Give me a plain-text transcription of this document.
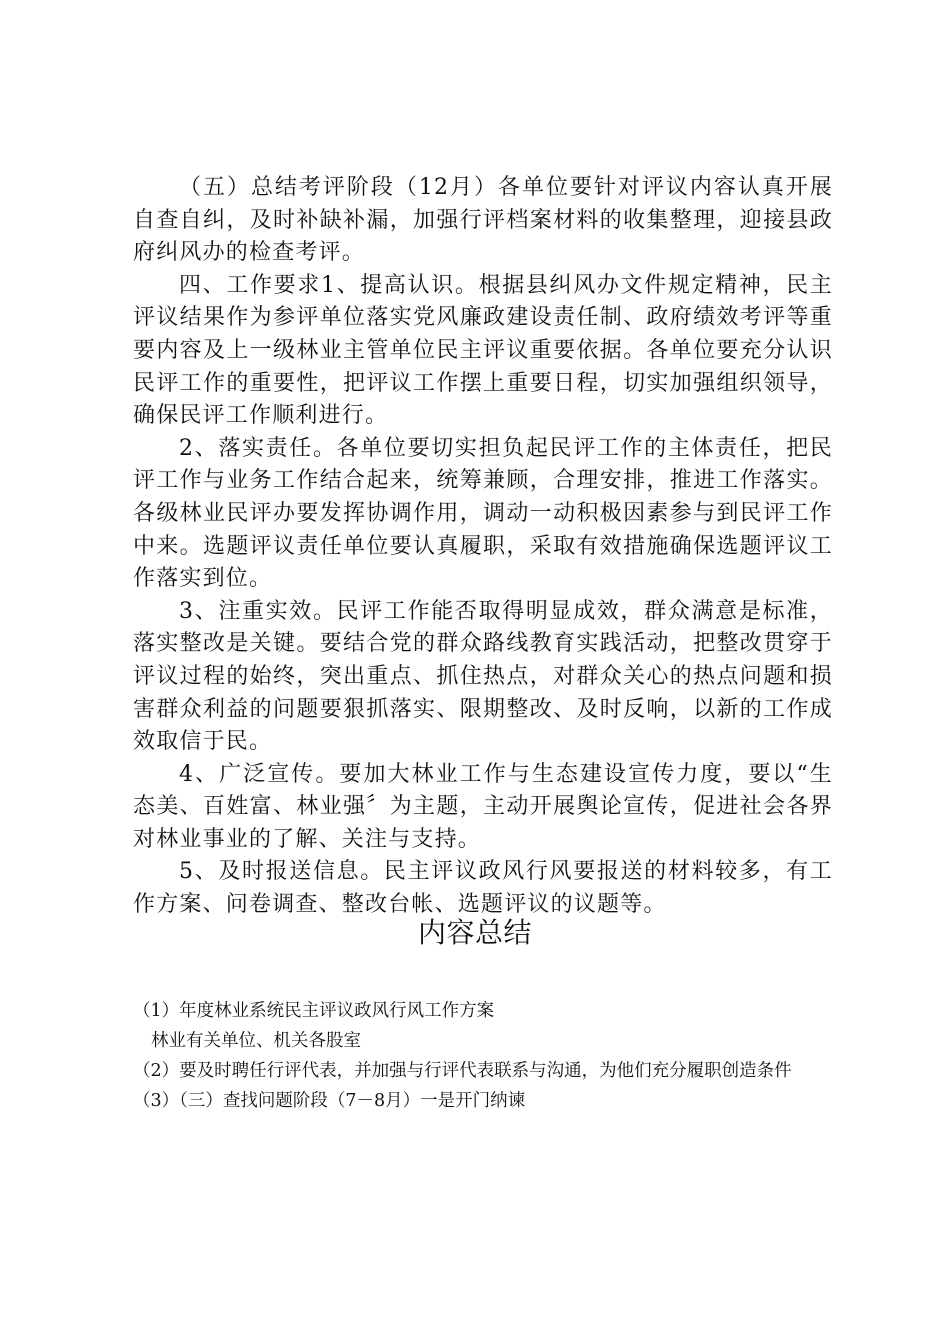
（五）总结考评阶段（12月）各单位要针对评议内容认真开展自查自纠，及时补缺补漏，加强行评档案材料的收集整理，迎接县政府纠风办的检查考评。

四、工作要求1、提高认识。根据县纠风办文件规定精神，民主评议结果作为参评单位落实党风廉政建设责任制、政府绩效考评等重要内容及上一级林业主管单位民主评议重要依据。各单位要充分认识民评工作的重要性，把评议工作摆上重要日程，切实加强组织领导，确保民评工作顺利进行。

2、落实责任。各单位要切实担负起民评工作的主体责任，把民评工作与业务工作结合起来，统筹兼顾，合理安排，推进工作落实。各级林业民评办要发挥协调作用，调动一动积极因素参与到民评工作中来。选题评议责任单位要认真履职，采取有效措施确保选题评议工作落实到位。

3、注重实效。民评工作能否取得明显成效，群众满意是标准，落实整改是关键。要结合党的群众路线教育实践活动，把整改贯穿于评议过程的始终，突出重点、抓住热点，对群众关心的热点问题和损害群众利益的问题要狠抓落实、限期整改、及时反响，以新的工作成效取信于民。

4、广泛宣传。要加大林业工作与生态建设宣传力度，要以“生态美、百姓富、林业强〞为主题，主动开展舆论宣传，促进社会各界对林业事业的了解、关注与支持。

5、及时报送信息。民主评议政风行风要报送的材料较多，有工作方案、问卷调查、整改台帐、选题评议的议题等。

内容总结

（1）年度林业系统民主评议政风行风工作方案

林业有关单位、机关各股室

（2）要及时聘任行评代表，并加强与行评代表联系与沟通，为他们充分履职创造条件

（3）（三）查找问题阶段（7－8月）一是开门纳谏
